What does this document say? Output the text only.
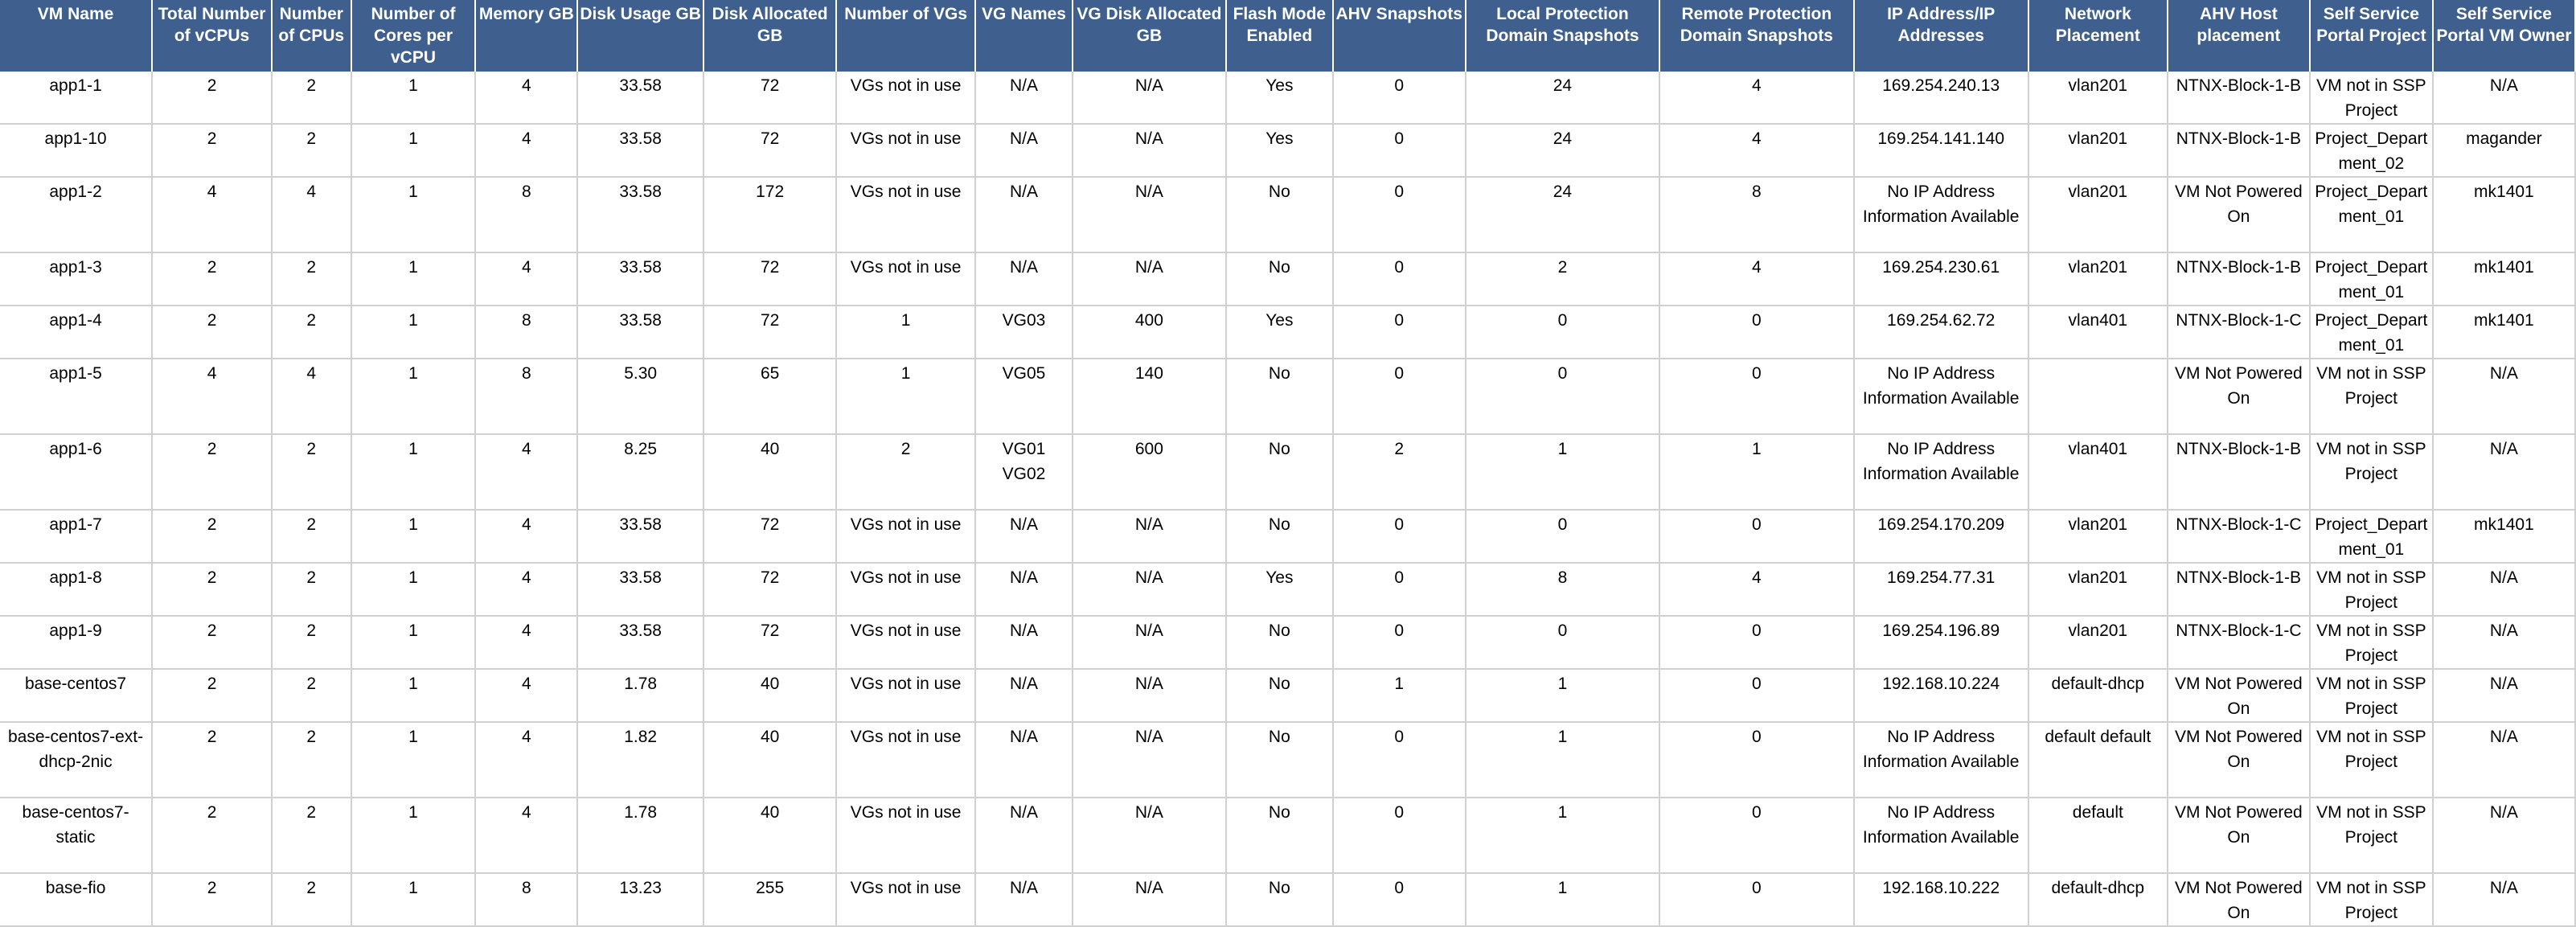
VM Name	Total Number of vCPUs	Number of CPUs	Number of Cores per vCPU	Memory GB	Disk Usage GB	Disk Allocated GB	Number of VGs	VG Names	VG Disk Allocated GB	Flash Mode Enabled	AHV Snapshots	Local Protection Domain Snapshots	Remote Protection Domain Snapshots	IP Address/IP Addresses	Network Placement	AHV Host placement	Self Service Portal Project	Self Service Portal VM Owner
app1-1	2	2	1	4	33.58	72	VGs not in use	N/A	N/A	Yes	0	24	4	169.254.240.13	vlan201	NTNX-Block-1-B	VM not in SSP Project	N/A
app1-10	2	2	1	4	33.58	72	VGs not in use	N/A	N/A	Yes	0	24	4	169.254.141.140	vlan201	NTNX-Block-1-B	Project_Department_02	magander
app1-2	4	4	1	8	33.58	172	VGs not in use	N/A	N/A	No	0	24	8	No IP Address Information Available	vlan201	VM Not Powered On	Project_Department_01	mk1401
app1-3	2	2	1	4	33.58	72	VGs not in use	N/A	N/A	No	0	2	4	169.254.230.61	vlan201	NTNX-Block-1-B	Project_Department_01	mk1401
app1-4	2	2	1	8	33.58	72	1	VG03	400	Yes	0	0	0	169.254.62.72	vlan401	NTNX-Block-1-C	Project_Department_01	mk1401
app1-5	4	4	1	8	5.30	65	1	VG05	140	No	0	0	0	No IP Address Information Available		VM Not Powered On	VM not in SSP Project	N/A
app1-6	2	2	1	4	8.25	40	2	VG01 VG02	600	No	2	1	1	No IP Address Information Available	vlan401	NTNX-Block-1-B	VM not in SSP Project	N/A
app1-7	2	2	1	4	33.58	72	VGs not in use	N/A	N/A	No	0	0	0	169.254.170.209	vlan201	NTNX-Block-1-C	Project_Department_01	mk1401
app1-8	2	2	1	4	33.58	72	VGs not in use	N/A	N/A	Yes	0	8	4	169.254.77.31	vlan201	NTNX-Block-1-B	VM not in SSP Project	N/A
app1-9	2	2	1	4	33.58	72	VGs not in use	N/A	N/A	No	0	0	0	169.254.196.89	vlan201	NTNX-Block-1-C	VM not in SSP Project	N/A
base-centos7	2	2	1	4	1.78	40	VGs not in use	N/A	N/A	No	1	1	0	192.168.10.224	default-dhcp	VM Not Powered On	VM not in SSP Project	N/A
base-centos7-ext-dhcp-2nic	2	2	1	4	1.82	40	VGs not in use	N/A	N/A	No	0	1	0	No IP Address Information Available	default default	VM Not Powered On	VM not in SSP Project	N/A
base-centos7-static	2	2	1	4	1.78	40	VGs not in use	N/A	N/A	No	0	1	0	No IP Address Information Available	default	VM Not Powered On	VM not in SSP Project	N/A
base-fio	2	2	1	8	13.23	255	VGs not in use	N/A	N/A	No	0	1	0	192.168.10.222	default-dhcp	VM Not Powered On	VM not in SSP Project	N/A
